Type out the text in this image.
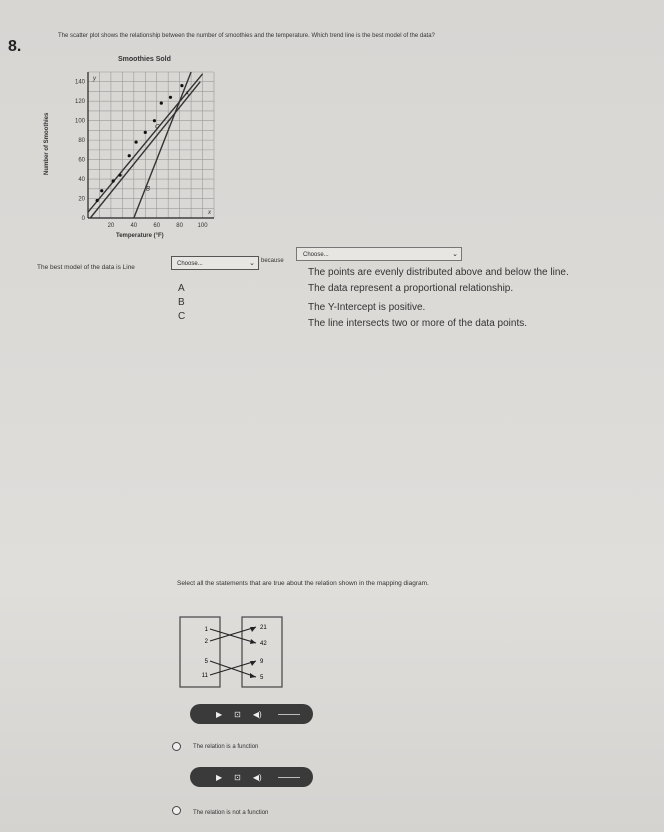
8.
The scatter plot shows the relationship between the number of smoothies and the temperature. Which trend line is the best model of the data?
Smoothies Sold
Number of Smoothies
Temperature (°F)
20	40	60	80 100
20
40
60
80
100
120
140
0
y
x
A
B
C
The best model of the data is Line	Choose...	⌄ because
Choose...	⌄
A
B
C
The points are evenly distributed above and below the line.
The data represent a proportional relationship.
The Y-Intercept is positive.
The line intersects two or more of the data points.
Select all the statements that are true about the relation shown in the mapping diagram.
1
2
5
11
21
42
9
5
▶ ⊡ ◀)
The relation is a function
▶ ⊡ ◀)
The relation is not a function
